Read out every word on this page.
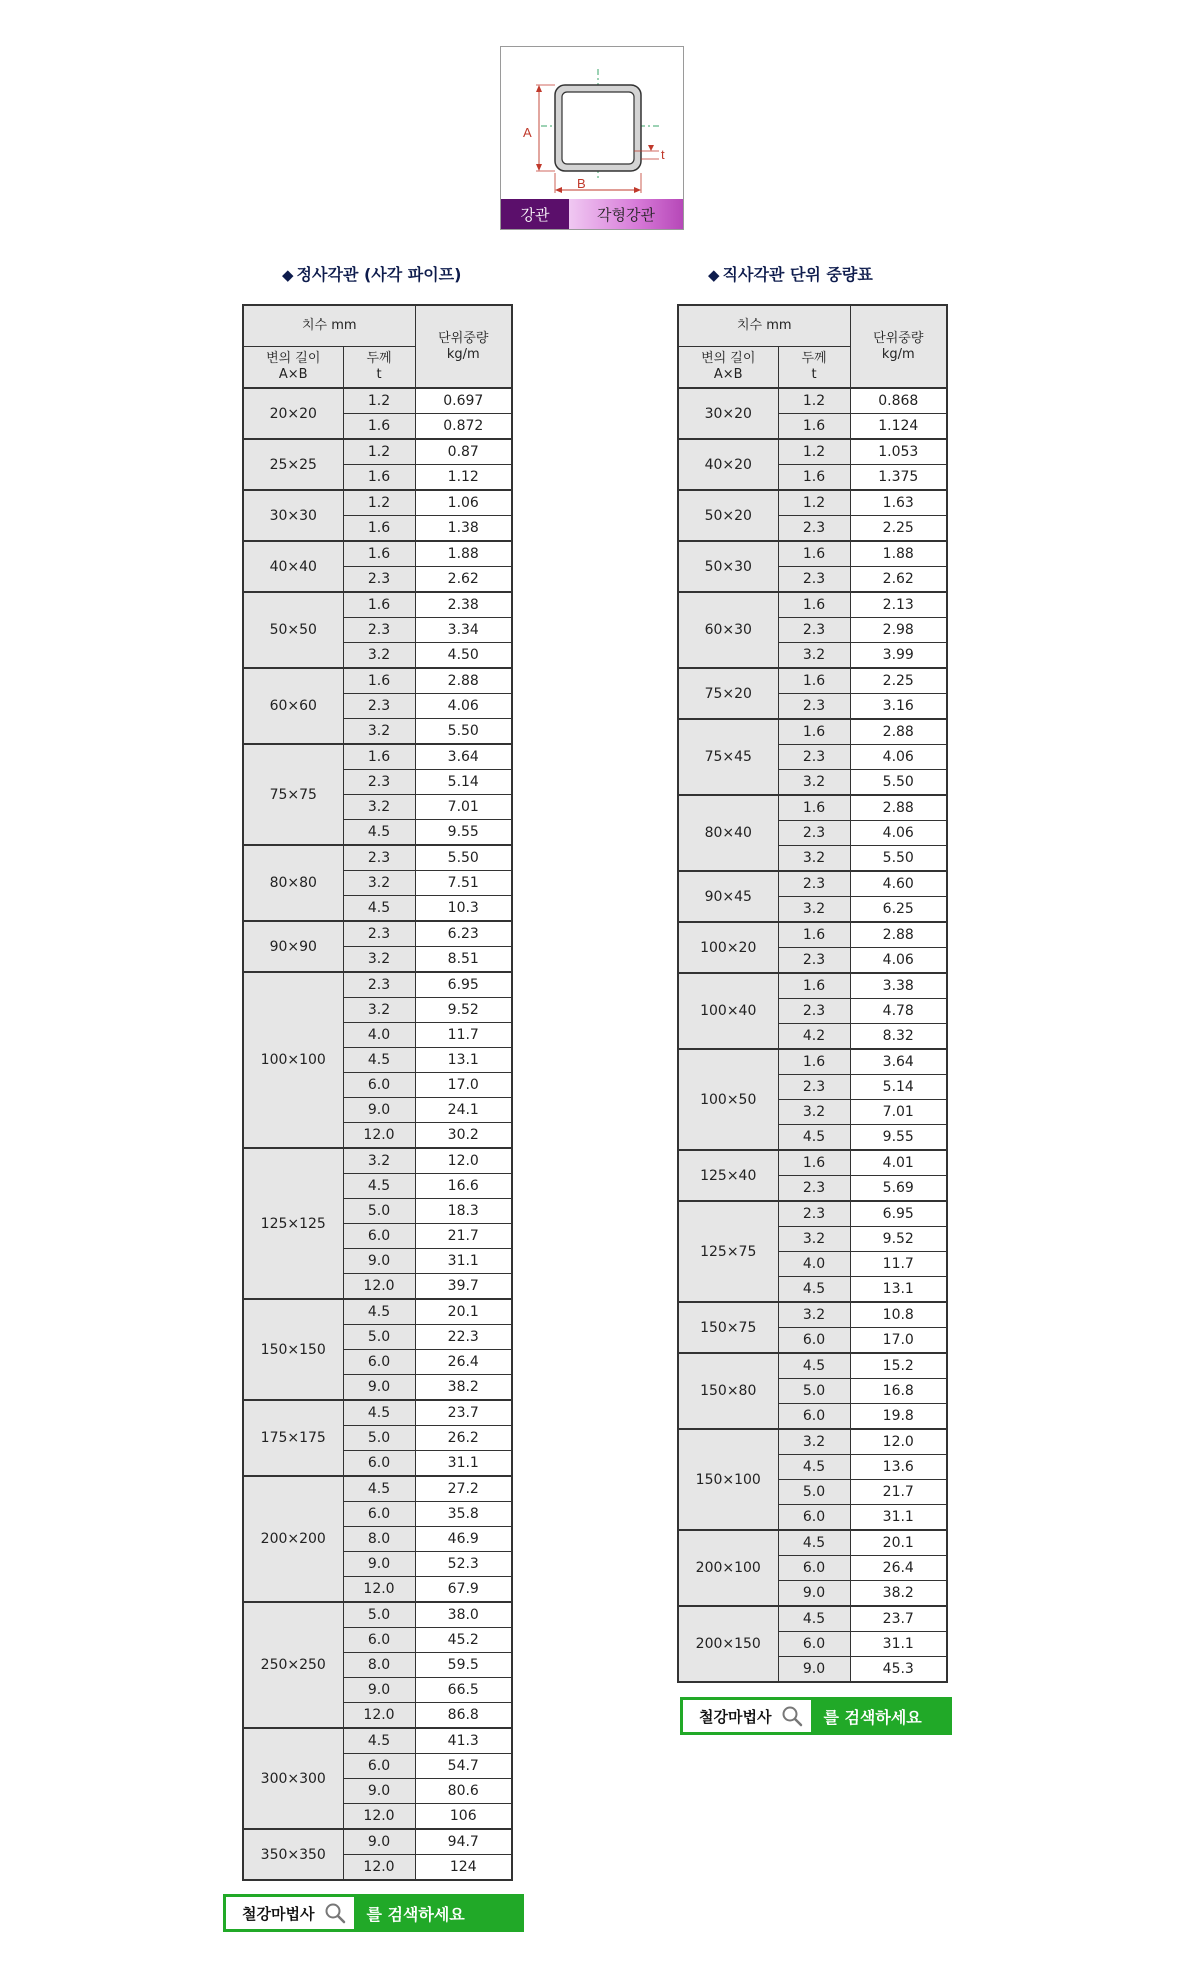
A
B
t
강관	각형강관
◆ 정사각관 (사각 파이프)	◆ 직사각관 단위 중량표
치수 mm		단위중량
kg/m
변의 길이
A×B	두께
t	
20×20	1.2	0.697
	1.6	0.872
25×25	1.2	0.87
	1.6	1.12
30×30	1.2	1.06
	1.6	1.38
40×40	1.6	1.88
	2.3	2.62
50×50	1.6	2.38
	2.3	3.34
	3.2	4.50
60×60	1.6	2.88
	2.3	4.06
	3.2	5.50
75×75	1.6	3.64
	2.3	5.14
	3.2	7.01
	4.5	9.55
80×80	2.3	5.50
	3.2	7.51
	4.5	10.3
90×90	2.3	6.23
	3.2	8.51
100×100	2.3	6.95
	3.2	9.52
	4.0	11.7
	4.5	13.1
	6.0	17.0
	9.0	24.1
	12.0	30.2
125×125	3.2	12.0
	4.5	16.6
	5.0	18.3
	6.0	21.7
	9.0	31.1
	12.0	39.7
150×150	4.5	20.1
	5.0	22.3
	6.0	26.4
	9.0	38.2
175×175	4.5	23.7
	5.0	26.2
	6.0	31.1
200×200	4.5	27.2
	6.0	35.8
	8.0	46.9
	9.0	52.3
	12.0	67.9
250×250	5.0	38.0
	6.0	45.2
	8.0	59.5
	9.0	66.5
	12.0	86.8
300×300	4.5	41.3
	6.0	54.7
	9.0	80.6
	12.0	106
350×350	9.0	94.7
	12.0	124
치수 mm		단위중량
kg/m
변의 길이
A×B	두께
t	
30×20	1.2	0.868
	1.6	1.124
40×20	1.2	1.053
	1.6	1.375
50×20	1.2	1.63
	2.3	2.25
50×30	1.6	1.88
	2.3	2.62
60×30	1.6	2.13
	2.3	2.98
	3.2	3.99
75×20	1.6	2.25
	2.3	3.16
75×45	1.6	2.88
	2.3	4.06
	3.2	5.50
80×40	1.6	2.88
	2.3	4.06
	3.2	5.50
90×45	2.3	4.60
	3.2	6.25
100×20	1.6	2.88
	2.3	4.06
100×40	1.6	3.38
	2.3	4.78
	4.2	8.32
100×50	1.6	3.64
	2.3	5.14
	3.2	7.01
	4.5	9.55
125×40	1.6	4.01
	2.3	5.69
125×75	2.3	6.95
	3.2	9.52
	4.0	11.7
	4.5	13.1
150×75	3.2	10.8
	6.0	17.0
150×80	4.5	15.2
	5.0	16.8
	6.0	19.8
150×100	3.2	12.0
	4.5	13.6
	5.0	21.7
	6.0	31.1
200×100	4.5	20.1
	6.0	26.4
	9.0	38.2
200×150	4.5	23.7
	6.0	31.1
	9.0	45.3
철강마법사	를 검색하세요
철강마법사	를 검색하세요
